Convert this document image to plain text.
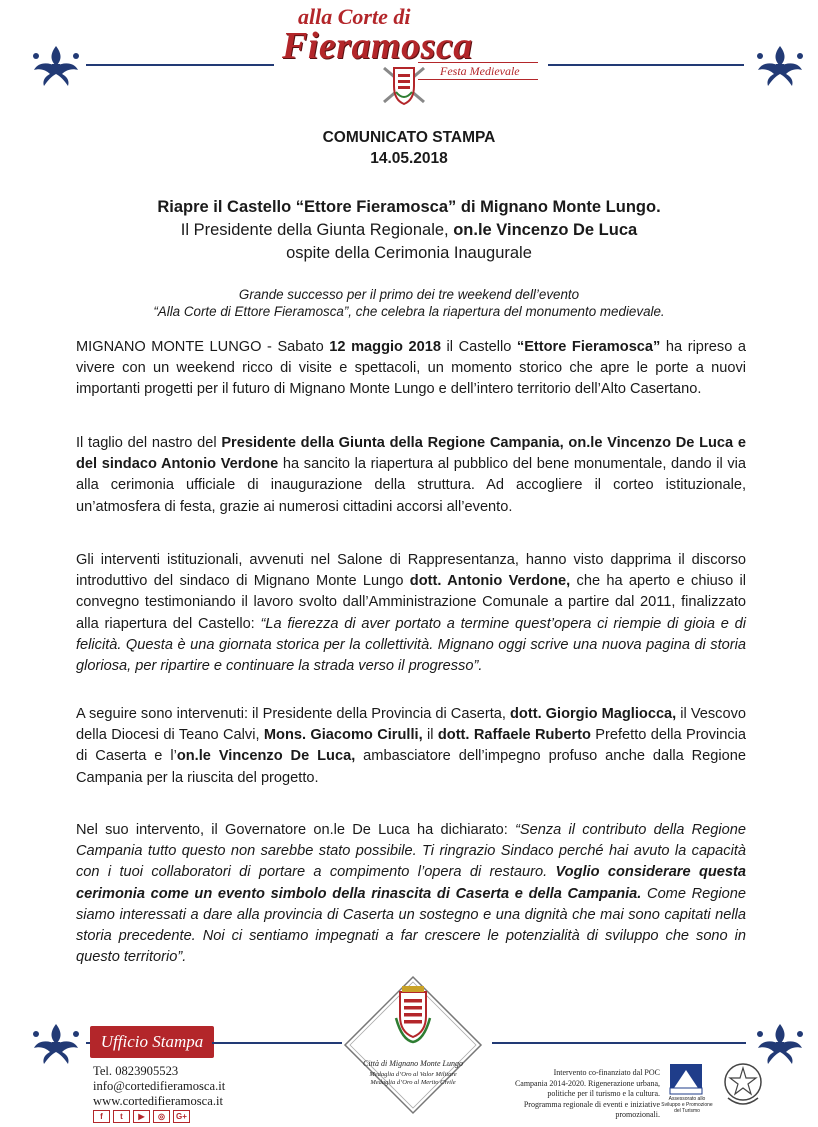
alla Corte di
Fieramosca
Festa Medievale
COMUNICATO STAMPA
14.05.2018
Riapre il Castello “Ettore Fieramosca” di Mignano Monte Lungo.
Il Presidente della Giunta Regionale, on.le Vincenzo De Luca
ospite della Cerimonia Inaugurale
Grande successo per il primo dei tre weekend dell’evento
“Alla Corte di Ettore Fieramosca”, che celebra la riapertura del monumento medievale.

MIGNANO MONTE LUNGO - Sabato 12 maggio 2018 il Castello “Ettore Fieramosca” ha ripreso a vivere con un weekend ricco di visite e spettacoli, un momento storico che apre le porte a nuovi importanti progetti per il futuro di Mignano Monte Lungo e dell’intero territorio dell’Alto Casertano.

Il taglio del nastro del Presidente della Giunta della Regione Campania, on.le Vincenzo De Luca e del sindaco Antonio Verdone ha sancito la riapertura al pubblico del bene monumentale, dando il via alla cerimonia ufficiale di inaugurazione della struttura. Ad accogliere il corteo istituzionale, un’atmosfera di festa, grazie ai numerosi cittadini accorsi all’evento.

Gli interventi istituzionali, avvenuti nel Salone di Rappresentanza, hanno visto dapprima il discorso introduttivo del sindaco di Mignano Monte Lungo dott. Antonio Verdone, che ha aperto e chiuso il convegno testimoniando il lavoro svolto dall’Amministrazione Comunale a partire dal 2011, finalizzato alla riapertura del Castello: “La fierezza di aver portato a termine quest’opera ci riempie di gioia e di felicità. Questa è una giornata storica per la collettività. Mignano oggi scrive una nuova pagina di storia gloriosa, per ripartire e continuare la strada verso il progresso”.

A seguire sono intervenuti: il Presidente della Provincia di Caserta, dott. Giorgio Magliocca, il Vescovo della Diocesi di Teano Calvi, Mons. Giacomo Cirulli, il dott. Raffaele Ruberto Prefetto della Provincia di Caserta e l’on.le Vincenzo De Luca, ambasciatore dell’impegno profuso anche dalla Regione Campania per la riuscita del progetto.

Nel suo intervento, il Governatore on.le De Luca ha dichiarato: “Senza il contributo della Regione Campania tutto questo non sarebbe stato possibile. Ti ringrazio Sindaco perché hai avuto la capacità con i tuoi collaboratori di portare a compimento l’opera di restauro. Voglio considerare questa cerimonia come un evento simbolo della rinascita di Caserta e della Campania. Come Regione siamo interessati a dare alla provincia di Caserta un sostegno e una dignità che mai sono capitati nella storia precedente. Noi ci sentiamo impegnati a far crescere le potenzialità di sviluppo che sono in questo territorio”.

Ufficio Stampa
Tel. 0823905523
info@cortedifieramosca.it
www.cortedifieramosca.it
f	t	▶	◎	G+
Città di Mignano Monte Lungo
Medaglia d’Oro al Valor Militare
Medaglia d’Oro al Merito Civile
Intervento co-finanziato dal POC
Campania 2014-2020. Rigenerazione urbana,
politiche per il turismo e la cultura.
Programma regionale di eventi e iniziative
promozionali.
Assessorato allo Sviluppo e Promozione del Turismo
